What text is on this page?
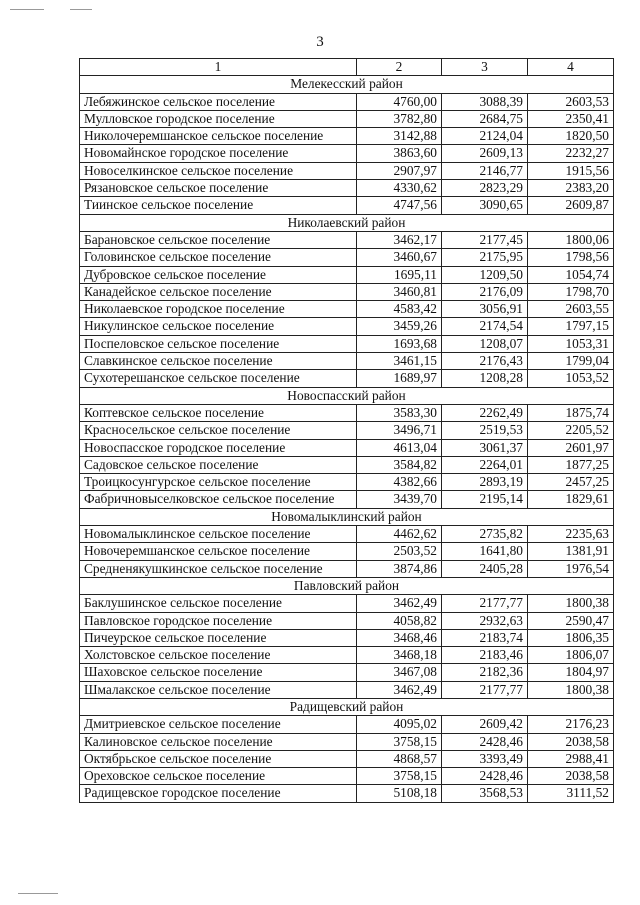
3
1	2	3	4
Мелекесский район			
Лебяжинское сельское поселение	4760,00	3088,39	2603,53
Мулловское городское поселение	3782,80	2684,75	2350,41
Николочеремшанское сельское поселение	3142,88	2124,04	1820,50
Новомайнское городское поселение	3863,60	2609,13	2232,27
Новоселкинское сельское поселение	2907,97	2146,77	1915,56
Рязановское сельское поселение	4330,62	2823,29	2383,20
Тиинское сельское поселение	4747,56	3090,65	2609,87
Николаевский район			
Барановское сельское поселение	3462,17	2177,45	1800,06
Головинское сельское поселение	3460,67	2175,95	1798,56
Дубровское сельское поселение	1695,11	1209,50	1054,74
Канадейское сельское поселение	3460,81	2176,09	1798,70
Николаевское городское поселение	4583,42	3056,91	2603,55
Никулинское сельское поселение	3459,26	2174,54	1797,15
Поспеловское сельское поселение	1693,68	1208,07	1053,31
Славкинское сельское поселение	3461,15	2176,43	1799,04
Сухотерешанское сельское поселение	1689,97	1208,28	1053,52
Новоспасский район			
Коптевское сельское поселение	3583,30	2262,49	1875,74
Красносельское сельское поселение	3496,71	2519,53	2205,52
Новоспасское городское поселение	4613,04	3061,37	2601,97
Садовское сельское поселение	3584,82	2264,01	1877,25
Троицкосунгурское сельское поселение	4382,66	2893,19	2457,25
Фабричновыселковское сельское поселение	3439,70	2195,14	1829,61
Новомалыклинский район			
Новомалыклинское сельское поселение	4462,62	2735,82	2235,63
Новочеремшанское сельское поселение	2503,52	1641,80	1381,91
Средненякушкинское сельское поселение	3874,86	2405,28	1976,54
Павловский район			
Баклушинское сельское поселение	3462,49	2177,77	1800,38
Павловское городское поселение	4058,82	2932,63	2590,47
Пичеурское сельское поселение	3468,46	2183,74	1806,35
Холстовское сельское поселение	3468,18	2183,46	1806,07
Шаховское сельское поселение	3467,08	2182,36	1804,97
Шмалакское сельское поселение	3462,49	2177,77	1800,38
Радищевский район			
Дмитриевское сельское поселение	4095,02	2609,42	2176,23
Калиновское сельское поселение	3758,15	2428,46	2038,58
Октябрьское сельское поселение	4868,57	3393,49	2988,41
Ореховское сельское поселение	3758,15	2428,46	2038,58
Радищевское городское поселение	5108,18	3568,53	3111,52
